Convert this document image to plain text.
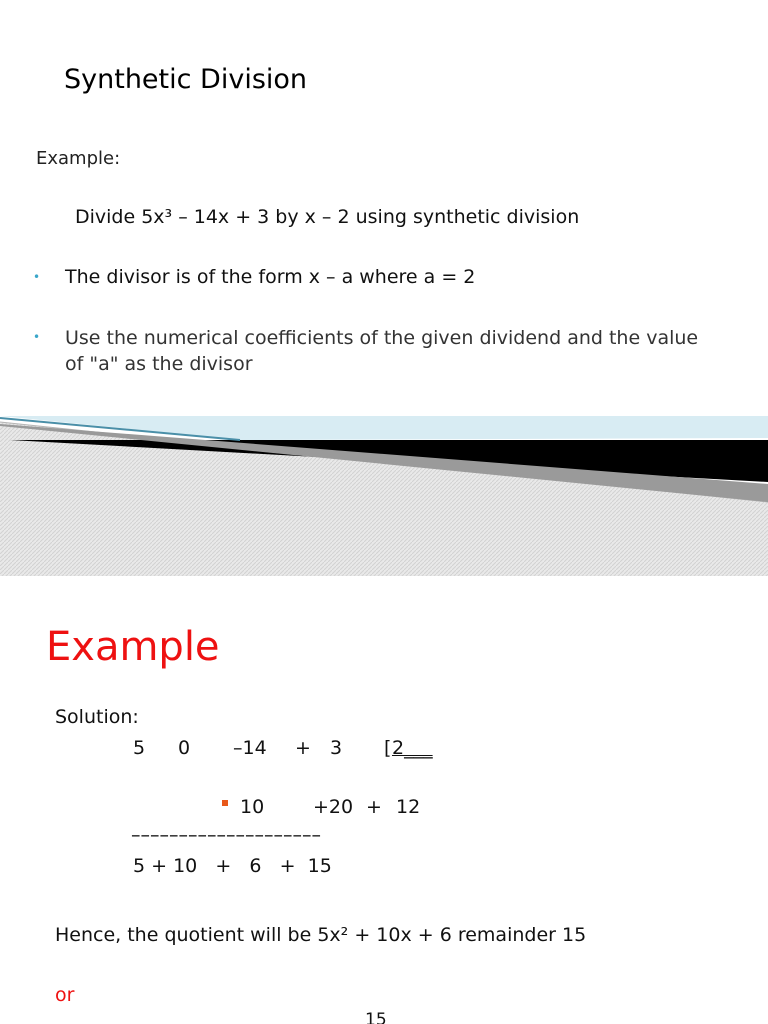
Synthetic Division
Example:
Divide 5x³ – 14x + 3 by x – 2 using synthetic division
• The divisor is of the form x – a where a = 2
• Use the numerical coefficients of the given dividend and the value of "a" as the divisor
Example
Solution:
5 0 –14 + 3 [ 2___
10	+20 + 12
––––––––––––––––––––
5 + 10   +   6   +  15
Hence, the quotient will be 5x² + 10x + 6 remainder 15
or
15
